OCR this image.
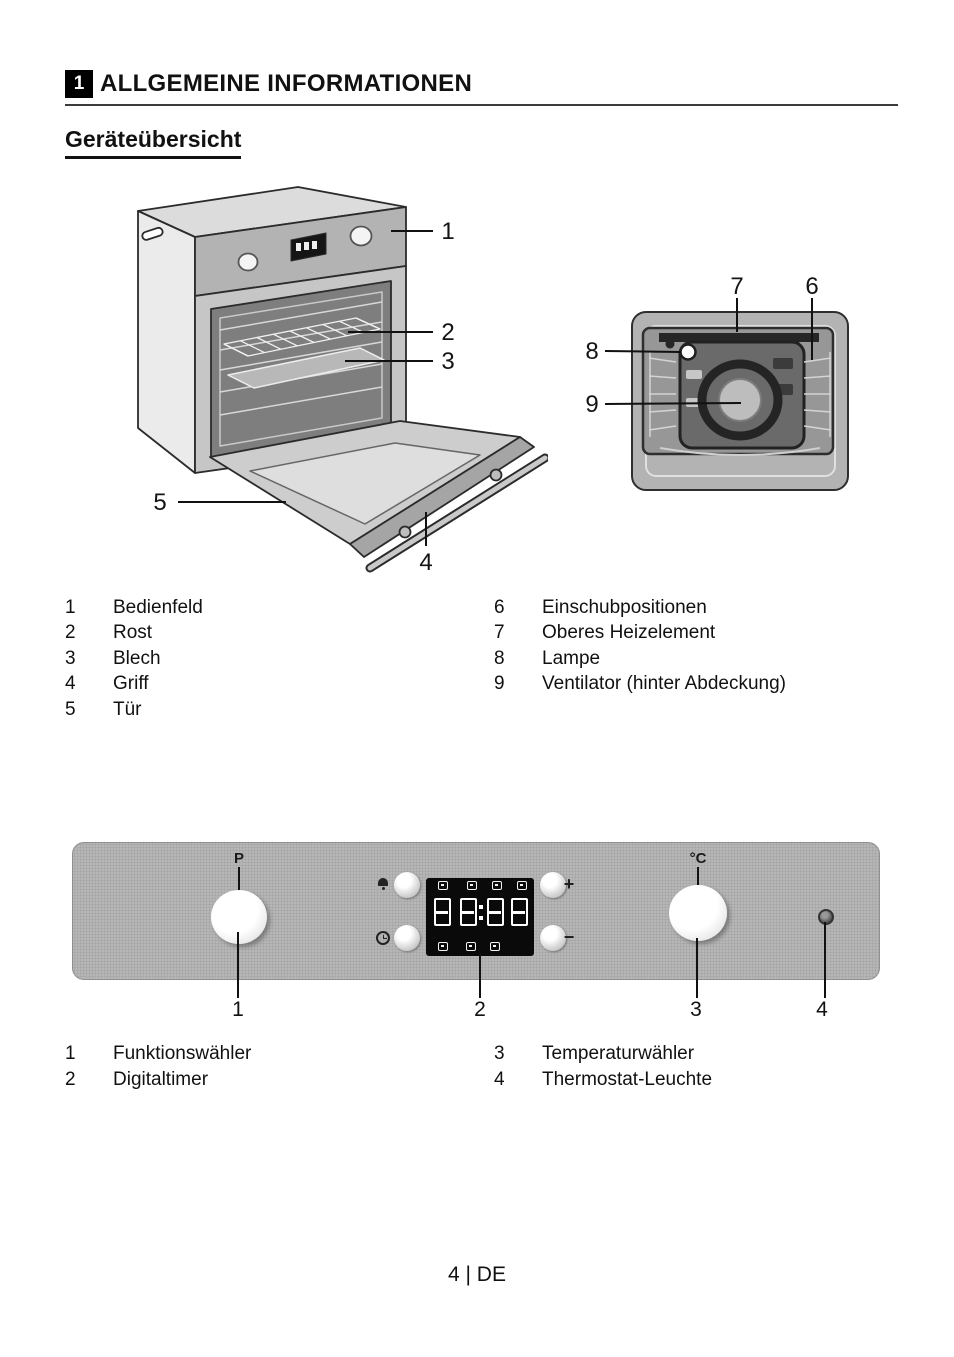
1 ALLGEMEINE INFORMATIONEN
Geräteübersicht
1
2
3
5
4
7	6
8
9
1 Bedienfeld
2 Rost
3 Blech
4 Griff
5 Tür
6 Einschubpositionen
7 Oberes Heizelement
8 Lampe
9 Ventilator (hinter Abdeckung)
P	°C
+
−
1	2	3	4
1 Funktionswähler
2 Digitaltimer
3 Temperaturwähler
4 Thermostat-Leuchte
4 | DE
